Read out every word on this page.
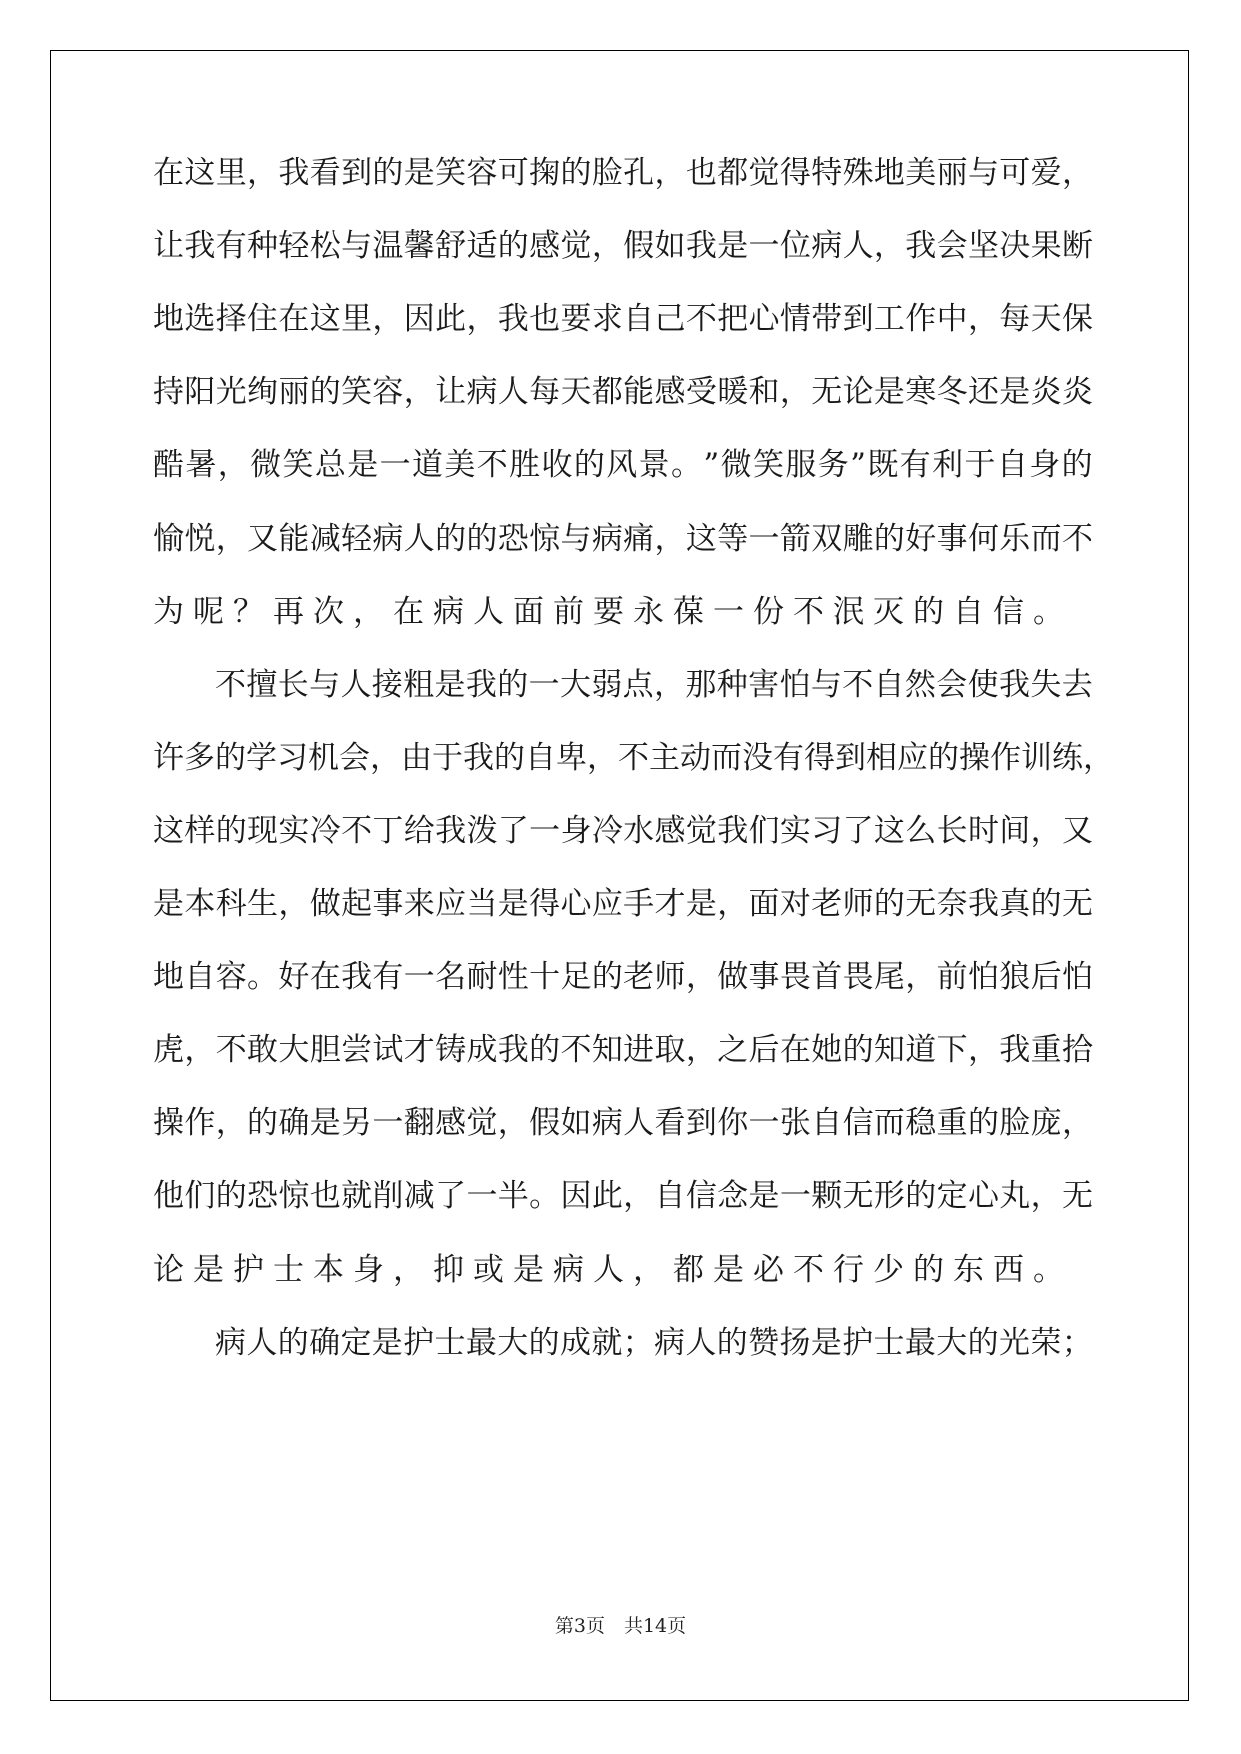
在 这 里 ， 我 看 到 的 是 笑 容 可 掬 的 脸 孔 ， 也 都 觉 得 特 殊 地 美 丽 与 可 爱 ，
让 我 有 种 轻 松 与 温 馨 舒 适 的 感 觉 ， 假 如 我 是 一 位 病 人 ， 我 会 坚 决 果 断
地 选 择 住 在 这 里 ， 因 此 ， 我 也 要 求 自 己 不 把 心 情 带 到 工 作 中 ， 每 天 保
持 阳 光 绚 丽 的 笑 容 ， 让 病 人 每 天 都 能 感 受 暖 和 ， 无 论 是 寒 冬 还 是 炎 炎
酷 暑 ， 微 笑 总 是 一 道 美 不 胜 收 的 风 景 。 ” 微 笑 服 务 ” 既 有 利 于 自 身 的
愉 悦 ， 又 能 减 轻 病 人 的 的 恐 惊 与 病 痛 ， 这 等 一 箭 双 雕 的 好 事 何 乐 而 不
为呢？再次，在病人面前要永葆一份不泯灭的自信。
不 擅 长 与 人 接 粗 是 我 的 一 大 弱 点 ， 那 种 害 怕 与 不 自 然 会 使 我 失 去
许 多 的 学 习 机 会 ， 由 于 我 的 自 卑 ， 不 主 动 而 没 有 得 到 相 应 的 操 作 训 练 ，
这 样 的 现 实 冷 不 丁 给 我 泼 了 一 身 冷 水 感 觉 我 们 实 习 了 这 么 长 时 间 ， 又
是 本 科 生 ， 做 起 事 来 应 当 是 得 心 应 手 才 是 ， 面 对 老 师 的 无 奈 我 真 的 无
地 自 容 。 好 在 我 有 一 名 耐 性 十 足 的 老 师 ， 做 事 畏 首 畏 尾 ， 前 怕 狼 后 怕
虎 ， 不 敢 大 胆 尝 试 才 铸 成 我 的 不 知 进 取 ， 之 后 在 她 的 知 道 下 ， 我 重 拾
操 作 ， 的 确 是 另 一 翻 感 觉 ， 假 如 病 人 看 到 你 一 张 自 信 而 稳 重 的 脸 庞 ，
他 们 的 恐 惊 也 就 削 减 了 一 半 。 因 此 ， 自 信 念 是 一 颗 无 形 的 定 心 丸 ， 无
论是护士本身，抑或是病人，都是必不行少的东西。
病 人 的 确 定 是 护 士 最 大 的 成 就 ； 病 人 的 赞 扬 是 护 士 最 大 的 光 荣 ；
第3页　共14页
